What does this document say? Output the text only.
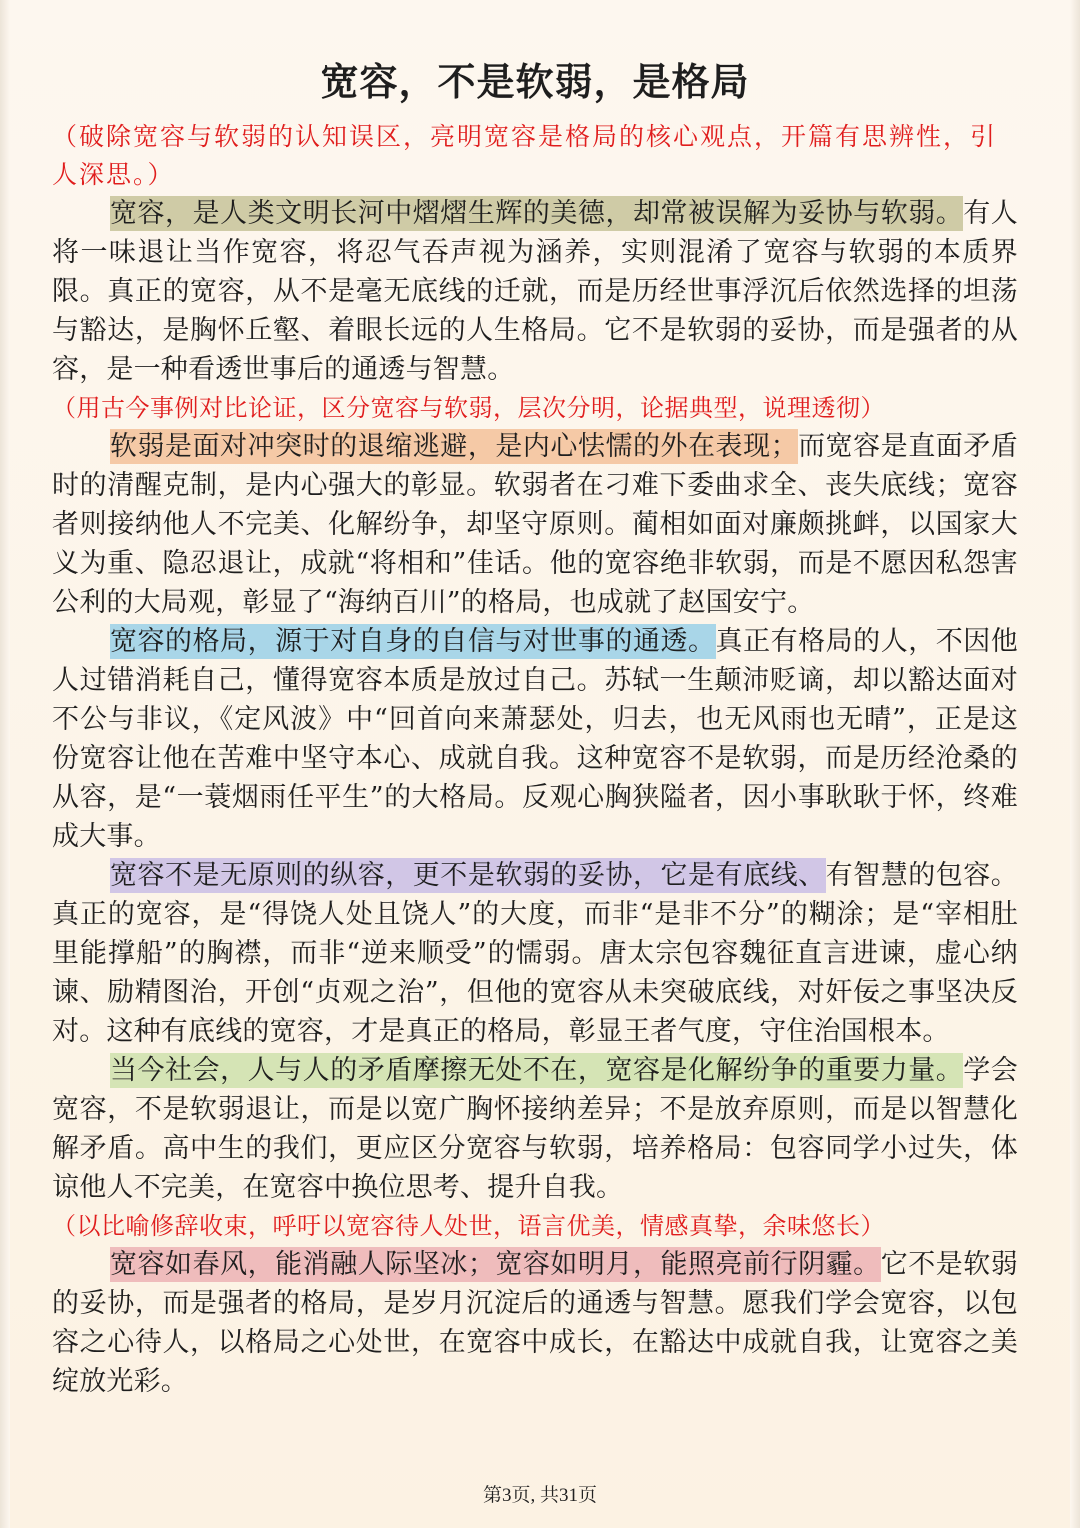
宽容，不是软弱，是格局

（破除宽容与软弱的认知误区，亮明宽容是格局的核心观点，开篇有思辨性，引人深思。）

宽容，是人类文明长河中熠熠生辉的美德，却常被误解为妥协与软弱。有人将一味退让当作宽容，将忍气吞声视为涵养，实则混淆了宽容与软弱的本质界限。真正的宽容，从不是毫无底线的迁就，而是历经世事浮沉后依然选择的坦荡与豁达，是胸怀丘壑、着眼长远的人生格局。它不是软弱的妥协，而是强者的从容，是一种看透世事后的通透与智慧。

（用古今事例对比论证，区分宽容与软弱，层次分明，论据典型，说理透彻）

软弱是面对冲突时的退缩逃避，是内心怯懦的外在表现；而宽容是直面矛盾时的清醒克制，是内心强大的彰显。软弱者在刁难下委曲求全、丧失底线；宽容者则接纳他人不完美、化解纷争，却坚守原则。蔺相如面对廉颇挑衅，以国家大义为重、隐忍退让，成就“将相和”佳话。他的宽容绝非软弱，而是不愿因私怨害公利的大局观，彰显了“海纳百川”的格局，也成就了赵国安宁。

宽容的格局，源于对自身的自信与对世事的通透。真正有格局的人，不因他人过错消耗自己，懂得宽容本质是放过自己。苏轼一生颠沛贬谪，却以豁达面对不公与非议，《定风波》中“回首向来萧瑟处，归去，也无风雨也无晴”，正是这份宽容让他在苦难中坚守本心、成就自我。这种宽容不是软弱，而是历经沧桑的从容，是“一蓑烟雨任平生”的大格局。反观心胸狭隘者，因小事耿耿于怀，终难成大事。

宽容不是无原则的纵容，更不是软弱的妥协，它是有底线、有智慧的包容。真正的宽容，是“得饶人处且饶人”的大度，而非“是非不分”的糊涂；是“宰相肚里能撑船”的胸襟，而非“逆来顺受”的懦弱。唐太宗包容魏征直言进谏，虚心纳谏、励精图治，开创“贞观之治”，但他的宽容从未突破底线，对奸佞之事坚决反对。这种有底线的宽容，才是真正的格局，彰显王者气度，守住治国根本。

当今社会，人与人的矛盾摩擦无处不在，宽容是化解纷争的重要力量。学会宽容，不是软弱退让，而是以宽广胸怀接纳差异；不是放弃原则，而是以智慧化解矛盾。高中生的我们，更应区分宽容与软弱，培养格局：包容同学小过失，体谅他人不完美，在宽容中换位思考、提升自我。

（以比喻修辞收束，呼吁以宽容待人处世，语言优美，情感真挚，余味悠长）

宽容如春风，能消融人际坚冰；宽容如明月，能照亮前行阴霾。它不是软弱的妥协，而是强者的格局，是岁月沉淀后的通透与智慧。愿我们学会宽容，以包容之心待人，以格局之心处世，在宽容中成长，在豁达中成就自我，让宽容之美绽放光彩。

第3页, 共31页
